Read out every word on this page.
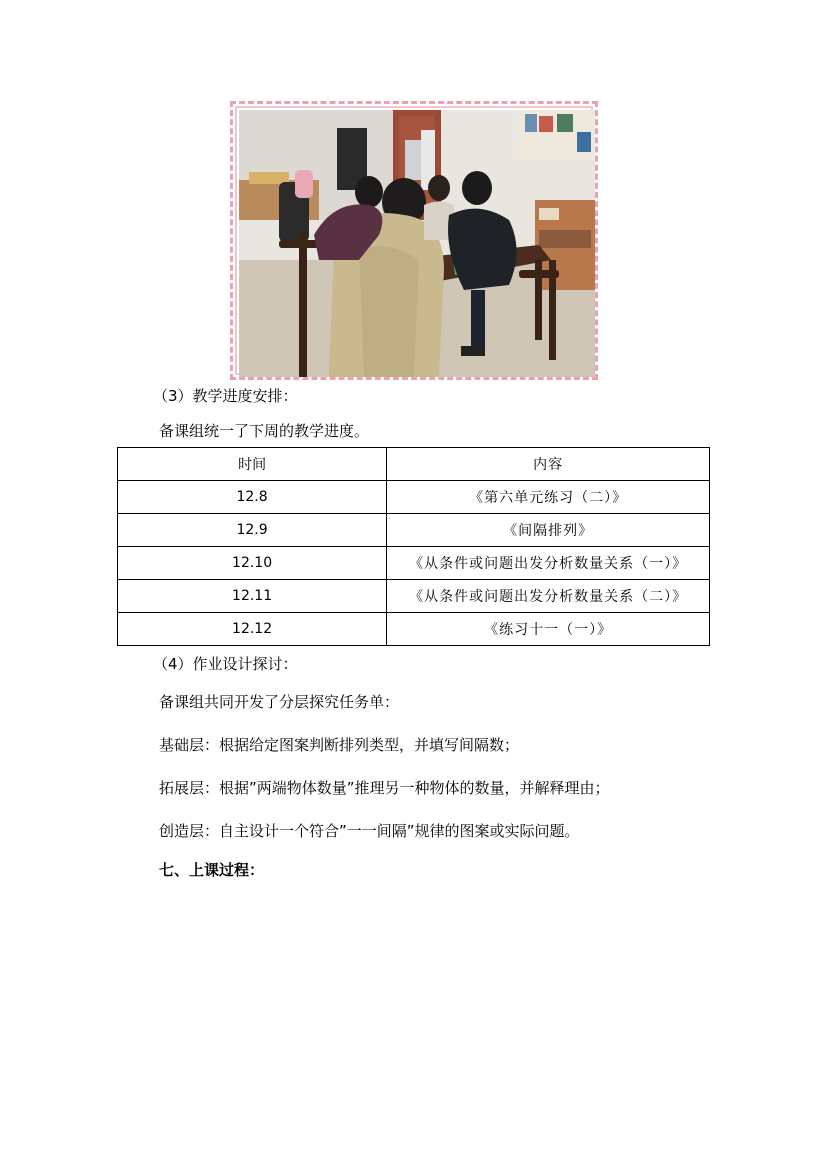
（3）教学进度安排：
备课组统一了下周的教学进度。
时间	内容
12.8	《第六单元练习（二）》
12.9	《间隔排列》
12.10	《从条件或问题出发分析数量关系（一）》
12.11	《从条件或问题出发分析数量关系（二）》
12.12	《练习十一（一）》
（4）作业设计探讨：
备课组共同开发了分层探究任务单：
基础层：根据给定图案判断排列类型，并填写间隔数；
拓展层：根据”两端物体数量”推理另一种物体的数量，并解释理由；
创造层：自主设计一个符合”一一间隔”规律的图案或实际问题。
七、上课过程：
